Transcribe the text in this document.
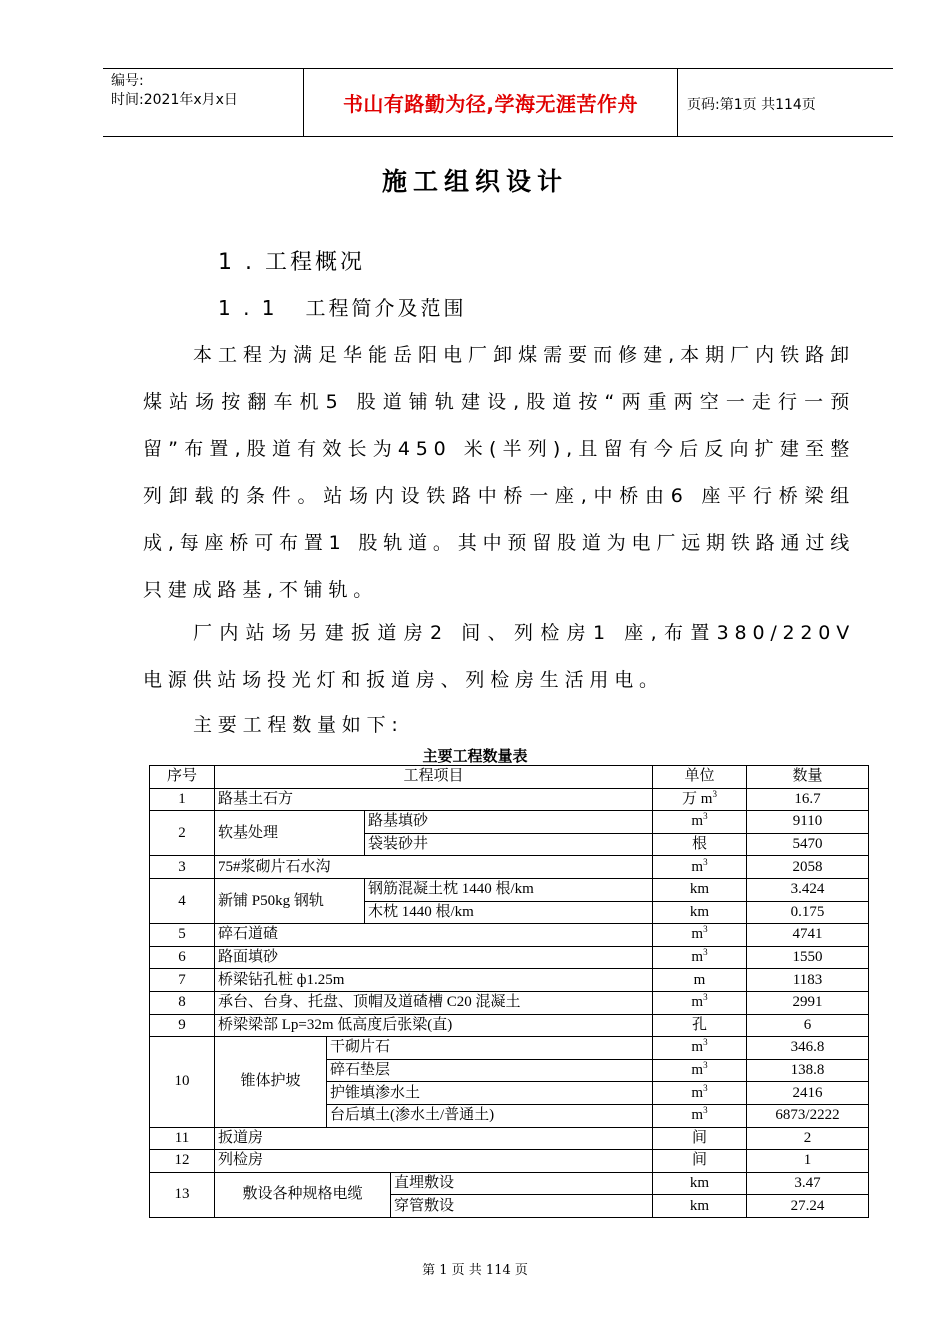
编号:
时间:2021年x月x日	书山有路勤为径,学海无涯苦作舟	页码:第1页 共114页
施工组织设计
1 . 工程概况
1 . 1 工程简介及范围

本工程为满足华能岳阳电厂卸煤需要而修建,本期厂内铁路卸煤站场按翻车机5 股道铺轨建设,股道按“两重两空一走行一预留”布置,股道有效长为450 米(半列),且留有今后反向扩建至整列卸载的条件。站场内设铁路中桥一座,中桥由6 座平行桥梁组成,每座桥可布置1 股轨道。其中预留股道为电厂远期铁路通过线只建成路基,不铺轨。

厂内站场另建扳道房2 间、列检房1 座,布置380/220V 电源供站场投光灯和扳道房、列检房生活用电。

主要工程数量如下:

主要工程数量表
序号	工程项目				单位	数量
1	路基土石方				万 $m^3$	16.7
2	软基处理		路基填砂		$m^3$	9110
			袋装砂井		根	5470
3	75#浆砌片石水沟				$m^3$	2058
4	新铺 P50kg 钢轨		钢筋混凝土枕 1440 根/km		km	3.424
			木枕 1440 根/km		km	0.175
5	碎石道碴				$m^3$	4741
6	路面填砂				$m^3$	1550
7	桥梁钻孔桩 ф1.25m				m	1183
8	承台、台身、托盘、顶帽及道碴槽 C20 混凝土				$m^3$	2991
9	桥梁梁部 Lp=32m 低高度后张梁(直)				孔	6
10	锥体护坡	干砌片石			$m^3$	346.8
		碎石垫层			$m^3$	138.8
		护锥填渗水土			$m^3$	2416
		台后填土(渗水土/普通土)			$m^3$	6873/2222
11	扳道房				间	2
12	列检房				间	1
13	敷设各种规格电缆			直埋敷设	km	3.47
				穿管敷设	km	27.24
第 1 页 共 114 页
